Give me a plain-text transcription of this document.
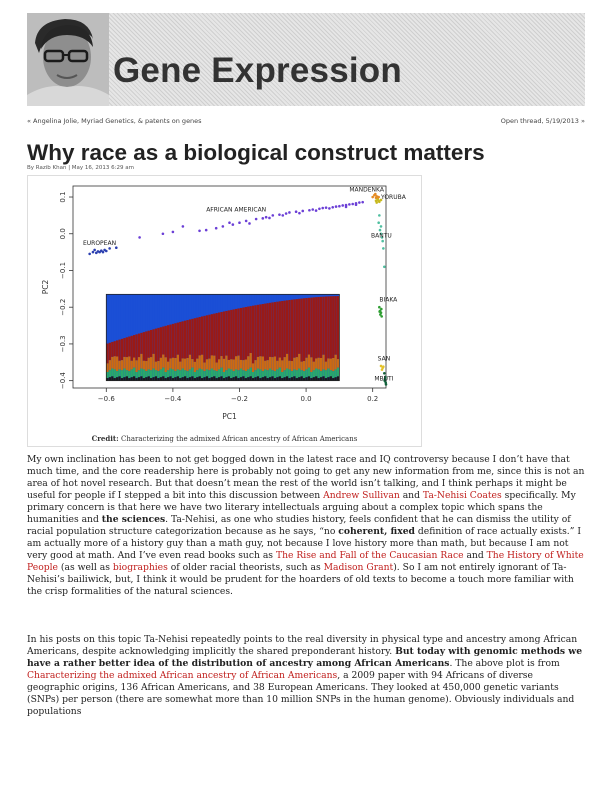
Gene Expression
« Angelina Jolie, Myriad Genetics, & patents on genes	Open thread, 5/19/2013 »
Why race as a biological construct matters
By Razib Khan | May 16, 2013 6:29 am
−0.6	−0.4	−0.2	0.0	0.2
0.1
0.0
−0.1
−0.2
−0.3
−0.4
PC1
PC2
EUROPEAN
AFRICAN AMERICAN
MANDENKA
YORUBA
BANTU
BIAKA
SAN
MBUTI
Credit: Characterizing the admixed African ancestry of African Americans

My own inclination has been to not get bogged down in the latest race and IQ controversy because I don’t have that much time, and the core readership here is probably not going to get any new information from me, since this is not an area of hot novel research. But that doesn’t mean the rest of the world isn’t talking, and I think perhaps it might be useful for people if I stepped a bit into this discussion between Andrew Sullivan and Ta-Nehisi Coates specifically. My primary concern is that here we have two literary intellectuals arguing about a complex topic which spans the humanities and the sciences. Ta-Nehisi, as one who studies history, feels confident that he can dismiss the utility of racial population structure categorization because as he says, “no coherent, fixed definition of race actually exists.” I am actually more of a history guy than a math guy, not because I love history more than math, but because I am not very good at math. And I’ve even read books such as The Rise and Fall of the Caucasian Race and The History of White People (as well as biographies of older racial theorists, such as Madison Grant). So I am not entirely ignorant of Ta-Nehisi’s bailiwick, but, I think it would be prudent for the hoarders of old texts to become a touch more familiar with the crisp formalities of the natural sciences.

In his posts on this topic Ta-Nehisi repeatedly points to the real diversity in physical type and ancestry among African Americans, despite acknowledging implicitly the shared preponderant history. But today with genomic methods we have a rather better idea of the distribution of ancestry among African Americans. The above plot is from Characterizing the admixed African ancestry of African Americans, a 2009 paper with 94 Africans of diverse geographic origins, 136 African Americans, and 38 European Americans. They looked at 450,000 genetic variants (SNPs) per person (there are somewhat more than 10 million SNPs in the human genome). Obviously individuals and populations
